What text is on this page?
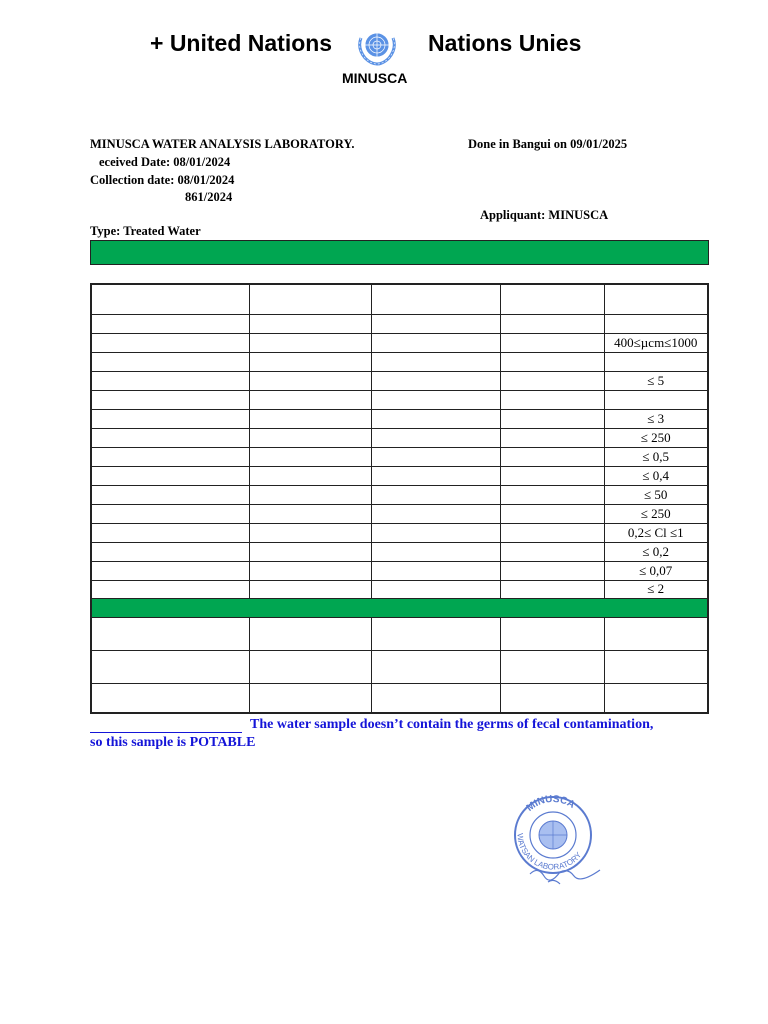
+ United Nations	Nations Unies
MINUSCA
MINUSCA WATER ANALYSIS LABORATORY.
eceived Date: 08/01/2024
Collection date: 08/01/2024
861/2024
Done in Bangui on 09/01/2025
Appliquant: MINUSCA
Type: Treated Water

				400≤µcm≤1000

				≤ 5

				≤ 3
				≤ 250
				≤ 0,5
				≤ 0,4
				≤ 50
				≤ 250
				0,2≤ Cl ≤1
				≤ 0,2
				≤ 0,07
				≤ 2

The water sample doesn’t contain the germs of fecal contamination,
so this sample is POTABLE
MINUSCA
WATSAN LABORATORY
